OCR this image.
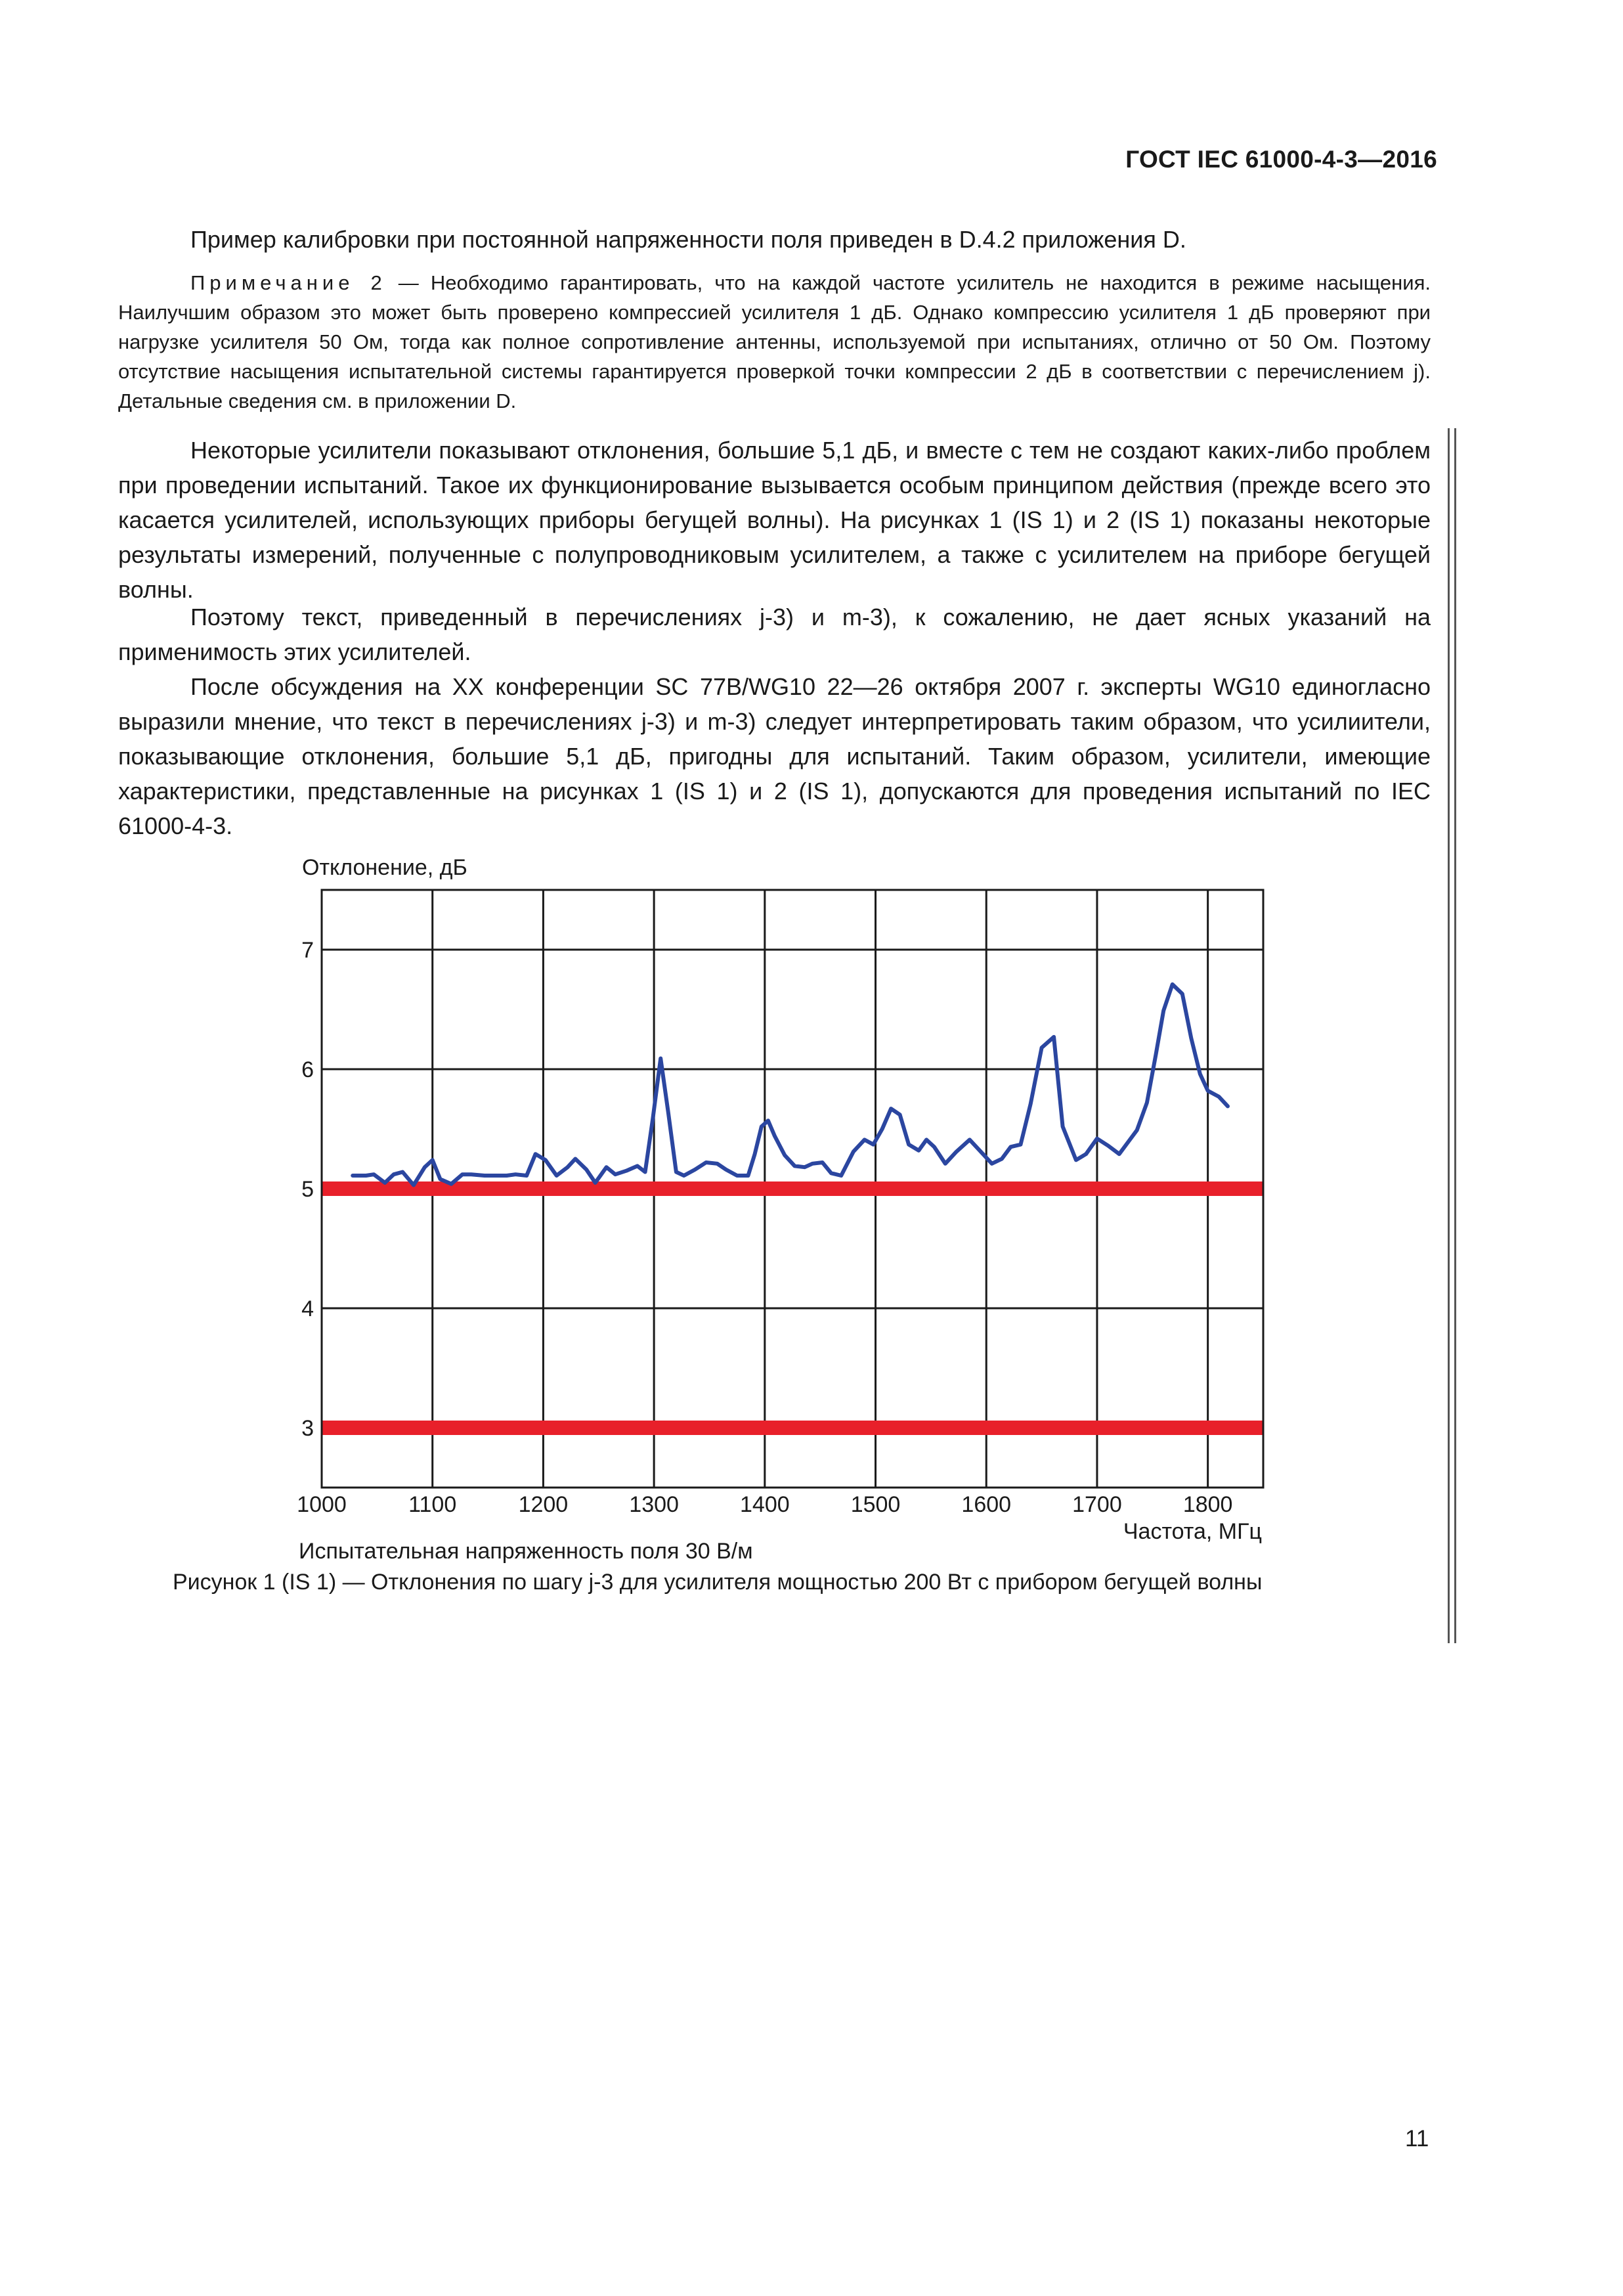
ГОСТ IEC 61000-4-3—2016

Пример калибровки при постоянной напряженности поля приведен в D.4.2 приложения D.

Примечание 2 — Необходимо гарантировать, что на каждой частоте усилитель не находится в режиме насыщения. Наилучшим образом это может быть проверено компрессией усилителя 1 дБ. Однако компрессию усилителя 1 дБ проверяют при нагрузке усилителя 50 Ом, тогда как полное сопротивление антенны, используемой при испытаниях, отлично от 50 Ом. Поэтому отсутствие насыщения испытательной системы гарантируется проверкой точки компрессии 2 дБ в соответствии с перечислением j). Детальные сведения см. в приложении D.

Некоторые усилители показывают отклонения, большие 5,1 дБ, и вместе с тем не создают каких-либо проблем при проведении испытаний. Такое их функционирование вызывается особым принципом действия (прежде всего это касается усилителей, использующих приборы бегущей волны). На рисунках 1 (IS 1) и 2 (IS 1) показаны некоторые результаты измерений, полученные с полупроводниковым усилителем, а также с усилителем на приборе бегущей волны.

Поэтому текст, приведенный в перечислениях j-3) и m-3), к сожалению, не дает ясных указаний на применимость этих усилителей.

После обсуждения на XX конференции SC 77B/WG10 22—26 октября 2007 г. эксперты WG10 единогласно выразили мнение, что текст в перечислениях j-3) и m-3) следует интерпретировать таким образом, что усилиители, показывающие отклонения, большие 5,1 дБ, пригодны для испытаний. Таким образом, усилители, имеющие характеристики, представленные на рисунках 1 (IS 1) и 2 (IS 1), допускаются для проведения испытаний по IEC 61000-4-3.

3
4
5
6
7
1000	1100	1200	1300	1400	1500	1600	1700	1800
Отклонение, дБ
Частота, МГц
Испытательная напряженность поля 30 В/м
Рисунок 1 (IS 1) — Отклонения по шагу j-3 для усилителя мощностью 200 Вт с прибором бегущей волны
11
